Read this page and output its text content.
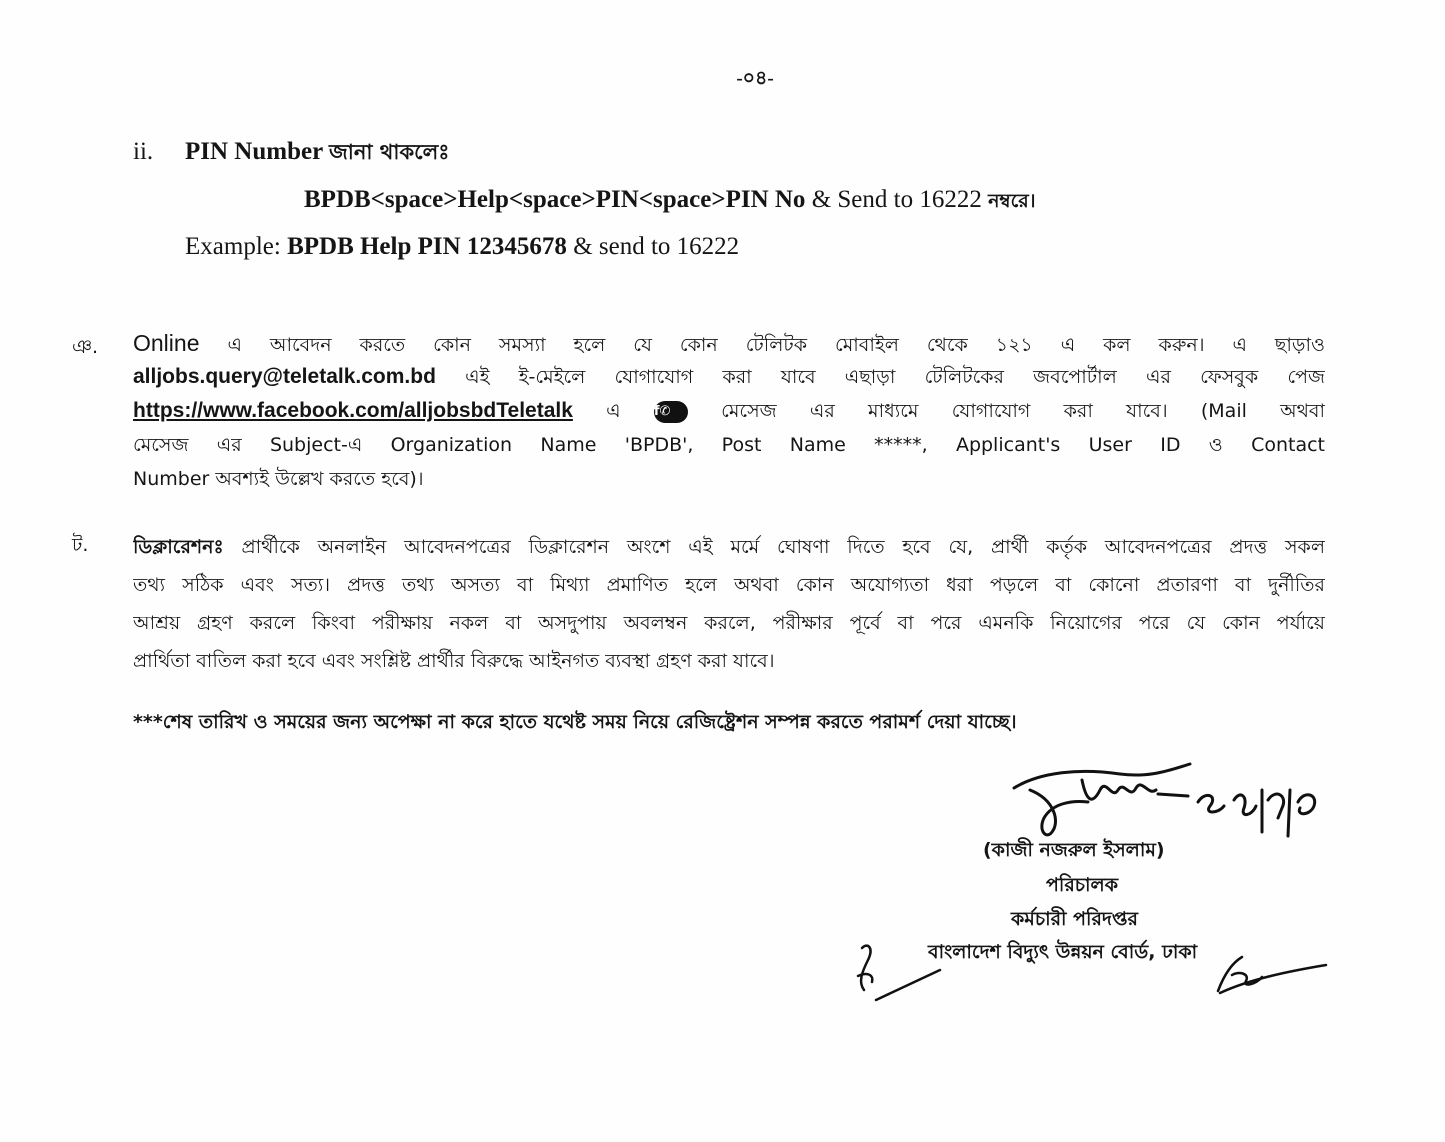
-০৪-
ii. PIN Number জানা থাকলেঃ
BPDB<space>Help<space>PIN<space>PIN No & Send to 16222 নম্বরে।
Example: BPDB Help PIN 12345678 & send to 16222
ঞ. Online এ আবেদন করতে কোন সমস্যা হলে যে কোন টেলিটক মোবাইল থেকে ১২১ এ কল করুন। এ ছাড়াও
alljobs.query@teletalk.com.bd এই ই-মেইলে যোগাযোগ করা যাবে এছাড়া টেলিটকের জবপোর্টাল এর ফেসবুক পেজ
https://www.facebook.com/alljobsbdTeletalk এ	f✆	মেসেজ এর মাধ্যমে যোগাযোগ করা যাবে। (Mail অথবা
মেসেজ এর Subject-এ Organization Name 'BPDB', Post Name *****, Applicant's User ID ও Contact
Number অবশ্যই উল্লেখ করতে হবে)।
ট. ডিক্লারেশনঃ প্রার্থীকে অনলাইন আবেদনপত্রের ডিক্লারেশন অংশে এই মর্মে ঘোষণা দিতে হবে যে, প্রার্থী কর্তৃক আবেদনপত্রের প্রদত্ত সকল
তথ্য সঠিক এবং সত্য। প্রদত্ত তথ্য অসত্য বা মিথ্যা প্রমাণিত হলে অথবা কোন অযোগ্যতা ধরা পড়লে বা কোনো প্রতারণা বা দুর্নীতির
আশ্রয় গ্রহণ করলে কিংবা পরীক্ষায় নকল বা অসদুপায় অবলম্বন করলে, পরীক্ষার পূর্বে বা পরে এমনকি নিয়োগের পরে যে কোন পর্যায়ে
প্রার্থিতা বাতিল করা হবে এবং সংশ্লিষ্ট প্রার্থীর বিরুদ্ধে আইনগত ব্যবস্থা গ্রহণ করা যাবে।
***শেষ তারিখ ও সময়ের জন্য অপেক্ষা না করে হাতে যথেষ্ট সময় নিয়ে রেজিষ্ট্রেশন সম্পন্ন করতে পরামর্শ দেয়া যাচ্ছে।
(কাজী নজরুল ইসলাম)
পরিচালক
কর্মচারী পরিদপ্তর
বাংলাদেশ বিদ্যুৎ উন্নয়ন বোর্ড, ঢাকা
